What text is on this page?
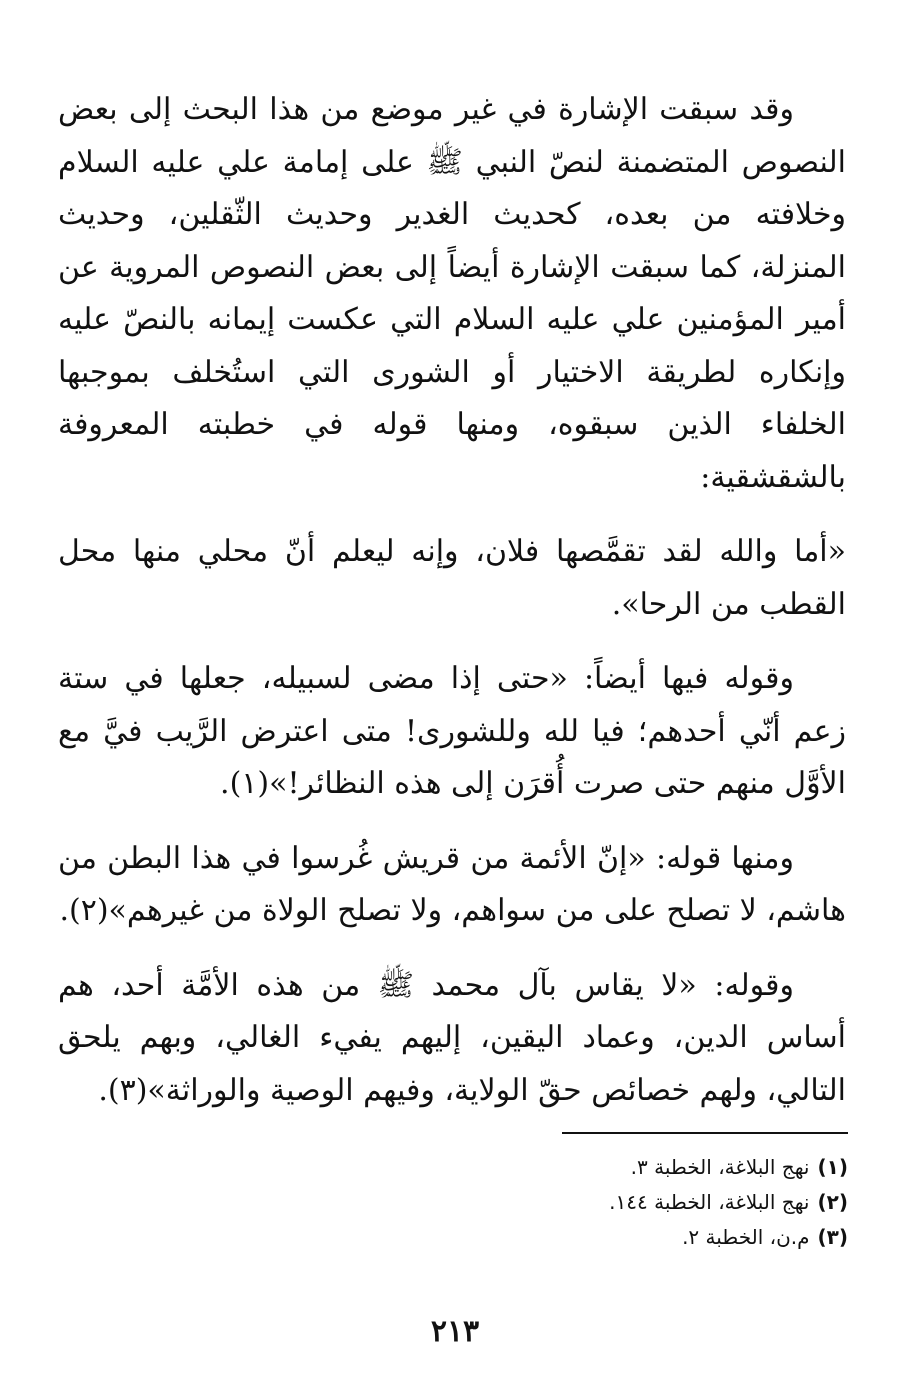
وقد سبقت الإشارة في غير موضع من هذا البحث إلى بعض النصوص المتضمنة لنصّ النبي ﷺ على إمامة علي عليه السلام وخلافته من بعده، كحديث الغدير وحديث الثّقلين، وحديث المنزلة، كما سبقت الإشارة أيضاً إلى بعض النصوص المروية عن أمير المؤمنين علي عليه السلام التي عكست إيمانه بالنصّ عليه وإنكاره لطريقة الاختيار أو الشورى التي استُخلف بموجبها الخلفاء الذين سبقوه، ومنها قوله في خطبته المعروفة بالشقشقية:

«أما والله لقد تقمَّصها فلان، وإنه ليعلم أنّ محلي منها محل القطب من الرحا».

وقوله فيها أيضاً: «حتى إذا مضى لسبيله، جعلها في ستة زعم أنّي أحدهم؛ فيا لله وللشورى! متى اعترض الرَّيب فيَّ مع الأوَّل منهم حتى صرت أُقرَن إلى هذه النظائر!»(١).

ومنها قوله: «إنّ الأئمة من قريش غُرسوا في هذا البطن من هاشم، لا تصلح على من سواهم، ولا تصلح الولاة من غيرهم»(٢).

وقوله: «لا يقاس بآل محمد ﷺ من هذه الأمَّة أحد، هم أساس الدين، وعماد اليقين، إليهم يفيء الغالي، وبهم يلحق التالي، ولهم خصائص حقّ الولاية، وفيهم الوصية والوراثة»(٣).

(١)نهج البلاغة، الخطبة ٣.
(٢)نهج البلاغة، الخطبة ١٤٤.
(٣)م.ن، الخطبة ٢.
٢١٣
